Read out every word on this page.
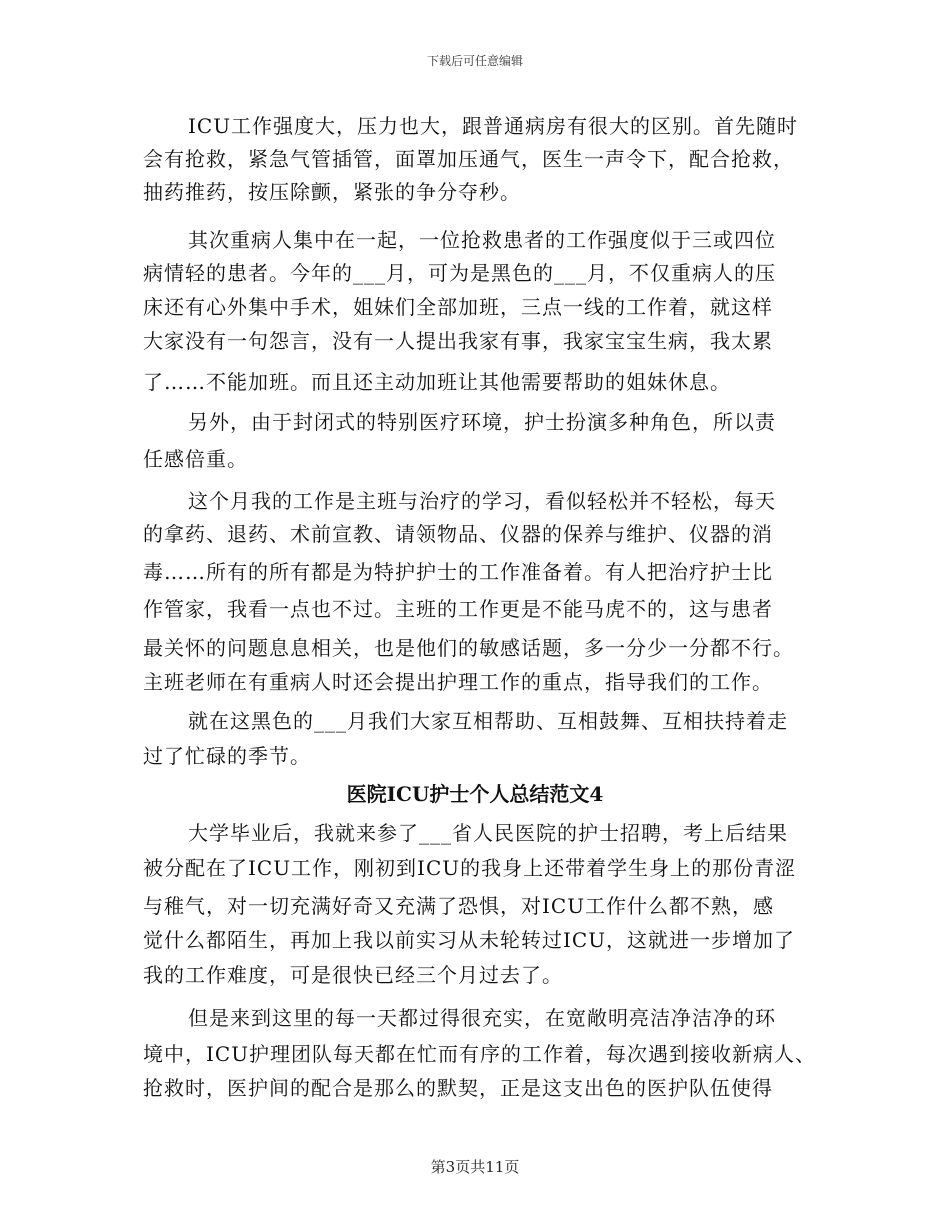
下载后可任意编辑
ICU工作强度大，压力也大，跟普通病房有很大的区别。首先随时
会有抢救，紧急气管插管，面罩加压通气，医生一声令下，配合抢救，
抽药推药，按压除颤，紧张的争分夺秒。
其次重病人集中在一起，一位抢救患者的工作强度似于三或四位
病情轻的患者。今年的___月，可为是黑色的___月，不仅重病人的压
床还有心外集中手术，姐妹们全部加班，三点一线的工作着，就这样
大家没有一句怨言，没有一人提出我家有事，我家宝宝生病，我太累
了……不能加班。而且还主动加班让其他需要帮助的姐妹休息。
另外，由于封闭式的特别医疗环境，护士扮演多种角色，所以责
任感倍重。
这个月我的工作是主班与治疗的学习，看似轻松并不轻松，每天
的拿药、退药、术前宣教、请领物品、仪器的保养与维护、仪器的消
毒……所有的所有都是为特护护士的工作准备着。有人把治疗护士比
作管家，我看一点也不过。主班的工作更是不能马虎不的，这与患者
最关怀的问题息息相关，也是他们的敏感话题，多一分少一分都不行。
主班老师在有重病人时还会提出护理工作的重点，指导我们的工作。
就在这黑色的___月我们大家互相帮助、互相鼓舞、互相扶持着走
过了忙碌的季节。
医院ICU护士个人总结范文4
大学毕业后，我就来参了___省人民医院的护士招聘，考上后结果
被分配在了ICU工作，刚初到ICU的我身上还带着学生身上的那份青涩
与稚气，对一切充满好奇又充满了恐惧，对ICU工作什么都不熟，感
觉什么都陌生，再加上我以前实习从未轮转过ICU，这就进一步增加了
我的工作难度，可是很快已经三个月过去了。
但是来到这里的每一天都过得很充实，在宽敞明亮洁净洁净的环
境中，ICU护理团队每天都在忙而有序的工作着，每次遇到接收新病人、
抢救时，医护间的配合是那么的默契，正是这支出色的医护队伍使得
第3页共11页
